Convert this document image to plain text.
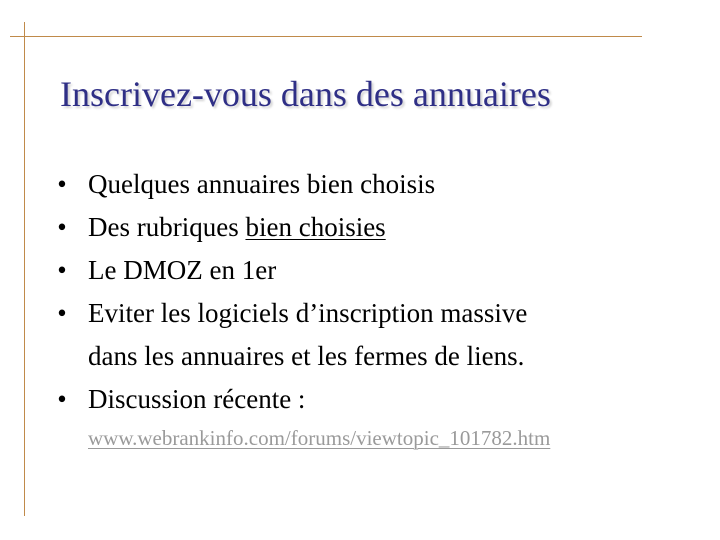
Inscrivez-vous dans des annuaires
• Quelques annuaires bien choisis
• Des rubriques bien choisies
• Le DMOZ en 1er
• Eviter les logiciels d’inscription massive
dans les annuaires et les fermes de liens.
• Discussion récente :
www.webrankinfo.com/forums/viewtopic_101782.htm
